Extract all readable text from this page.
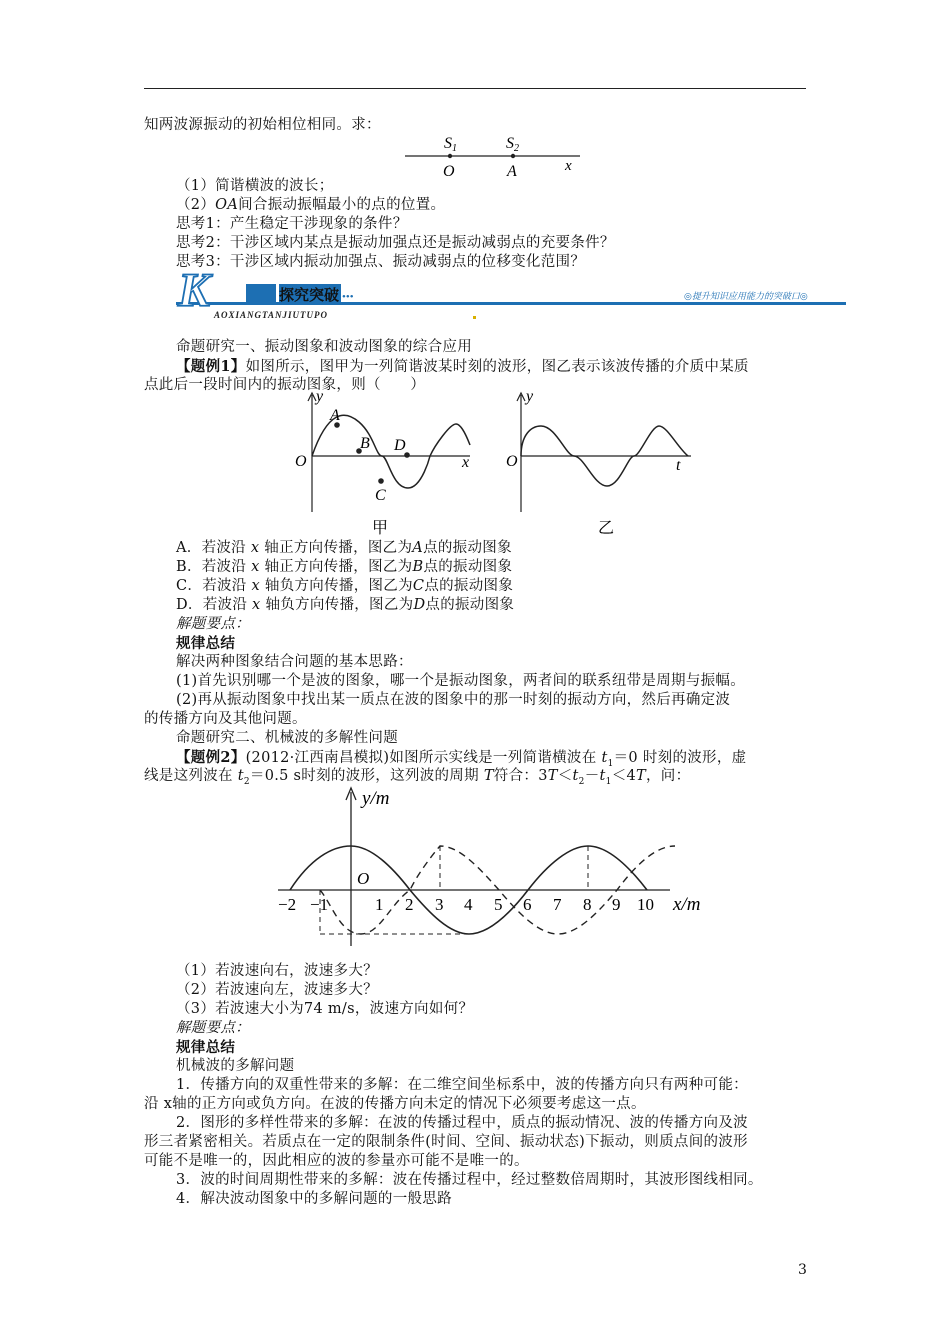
知两波源振动的初始相位相同。求：
S1	S2
O	A	x
（1）简谐横波的波长；
（2）OA间合振动振幅最小的点的位置。
思考1：产生稳定干涉现象的条件？
思考2：干涉区域内某点是振动加强点还是振动减弱点的充要条件？
思考3：干涉区域内振动加强点、振动减弱点的位移变化范围？
K	探究突破 •••
AOXIANGTANJIUTUPO
◎提升知识应用能力的突破口◎
命题研究一、振动图象和波动图象的综合应用
【题例1】如图所示，图甲为一列简谐波某时刻的波形，图乙表示该波传播的介质中某质
点此后一段时间内的振动图象，则（　　）
y
O	x
A
B
C
D
甲
y
O	t
乙
A．若波沿 x 轴正方向传播，图乙为A点的振动图象
B．若波沿 x 轴正方向传播，图乙为B点的振动图象
C．若波沿 x 轴负方向传播，图乙为C点的振动图象
D．若波沿 x 轴负方向传播，图乙为D点的振动图象
解题要点：
规律总结
解决两种图象结合问题的基本思路：
(1)首先识别哪一个是波的图象，哪一个是振动图象，两者间的联系纽带是周期与振幅。
(2)再从振动图象中找出某一质点在波的图象中的那一时刻的振动方向，然后再确定波
的传播方向及其他问题。
命题研究二、机械波的多解性问题
【题例2】(2012·江西南昌模拟)如图所示实线是一列简谐横波在 $t_1=0$ 时刻的波形，虚
线是这列波在 $t_2=0.5$ s时刻的波形，这列波的周期 T符合：$3T<t_2-t_1<4T$，问：
y/m
x/m
O
−2 −1	1 2 3 4 5 6 7 8 9 10
（1）若波速向右，波速多大？
（2）若波速向左，波速多大？
（3）若波速大小为74 m/s，波速方向如何？
解题要点：
规律总结
机械波的多解问题
1．传播方向的双重性带来的多解：在二维空间坐标系中，波的传播方向只有两种可能：
沿 x轴的正方向或负方向。在波的传播方向未定的情况下必须要考虑这一点。
2．图形的多样性带来的多解：在波的传播过程中，质点的振动情况、波的传播方向及波
形三者紧密相关。若质点在一定的限制条件(时间、空间、振动状态)下振动，则质点间的波形
可能不是唯一的，因此相应的波的参量亦可能不是唯一的。
3．波的时间周期性带来的多解：波在传播过程中，经过整数倍周期时，其波形图线相同。
4．解决波动图象中的多解问题的一般思路
3
